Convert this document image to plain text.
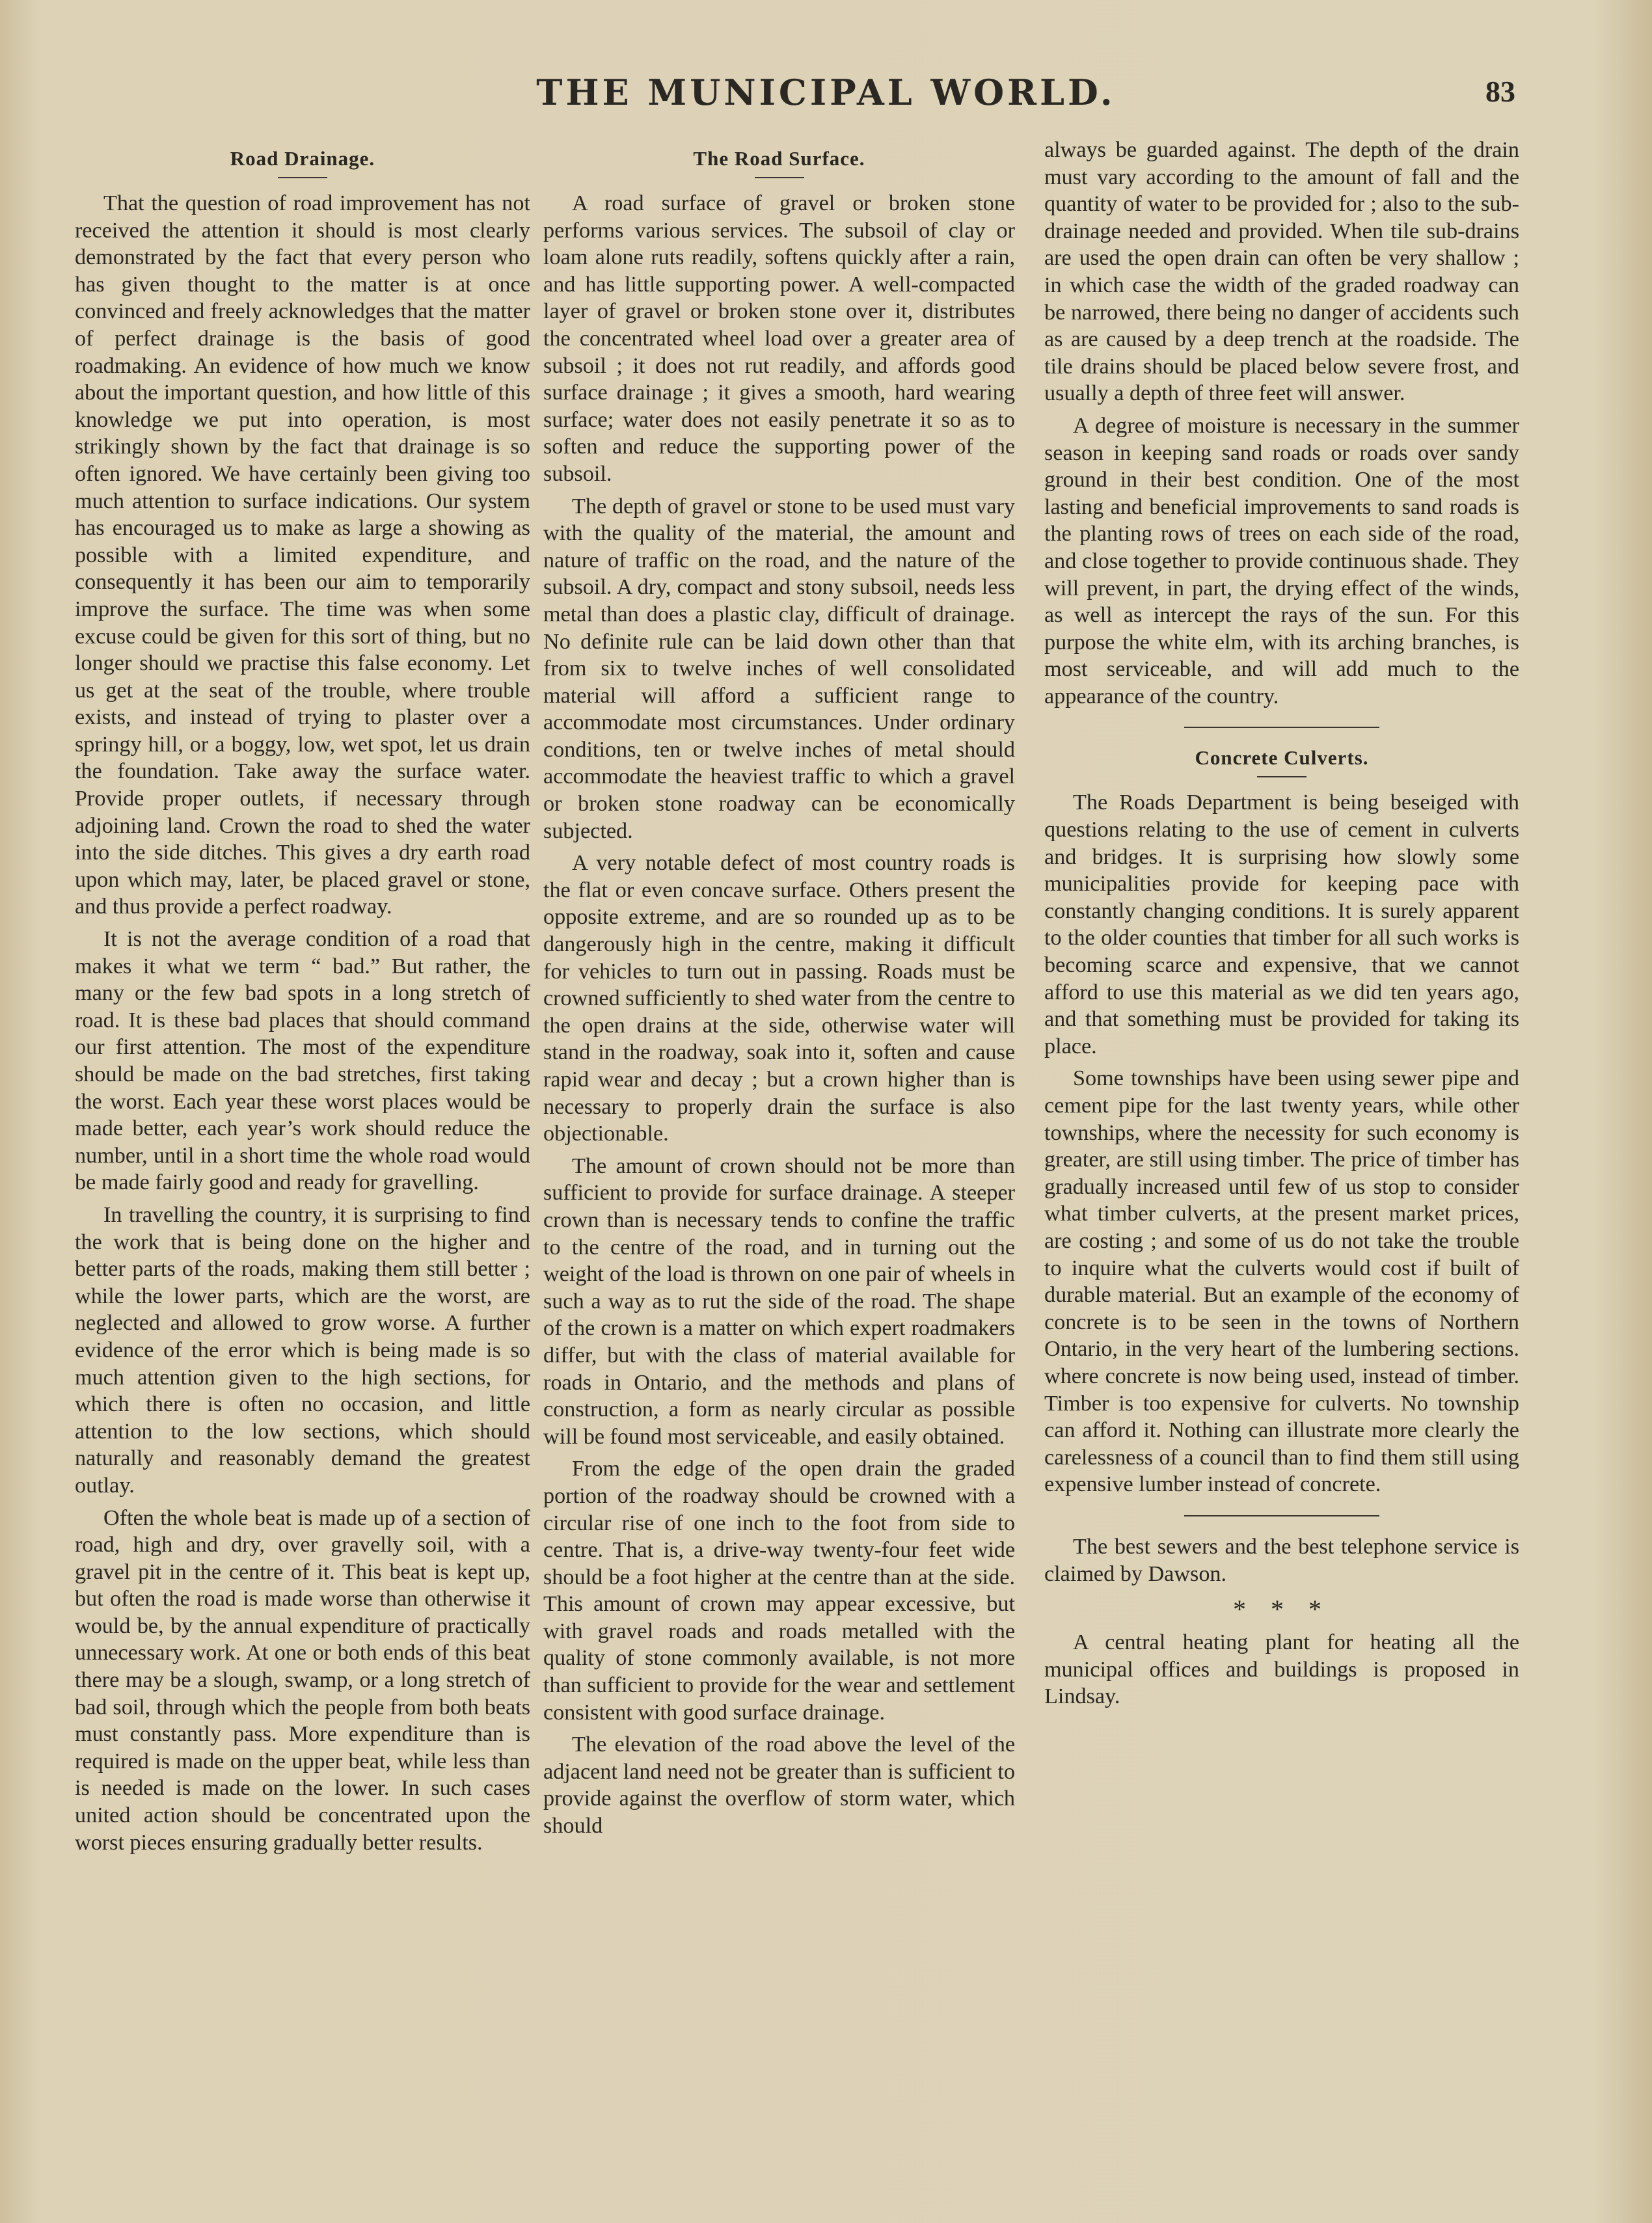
THE MUNICIPAL WORLD.	83
Road Drainage.

That the question of road improvement has not received the attention it should is most clearly demonstrated by the fact that every person who has given thought to the matter is at once convinced and freely acknowledges that the matter of perfect drainage is the basis of good roadmaking. An evidence of how much we know about the important question, and how little of this knowledge we put into operation, is most strikingly shown by the fact that drainage is so often ignored. We have certainly been giving too much attention to surface indications. Our system has encouraged us to make as large a showing as possible with a limited expenditure, and consequently it has been our aim to temporarily improve the surface. The time was when some excuse could be given for this sort of thing, but no longer should we practise this false economy. Let us get at the seat of the trouble, where trouble exists, and instead of trying to plaster over a springy hill, or a boggy, low, wet spot, let us drain the foundation. Take away the surface water. Provide proper outlets, if necessary through adjoining land. Crown the road to shed the water into the side ditches. This gives a dry earth road upon which may, later, be placed gravel or stone, and thus provide a perfect roadway.

It is not the average condition of a road that makes it what we term “ bad.” But rather, the many or the few bad spots in a long stretch of road. It is these bad places that should command our first attention. The most of the expenditure should be made on the bad stretches, first taking the worst. Each year these worst places would be made better, each year’s work should reduce the number, until in a short time the whole road would be made fairly good and ready for gravelling.

In travelling the country, it is surprising to find the work that is being done on the higher and better parts of the roads, making them still better ; while the lower parts, which are the worst, are neglected and allowed to grow worse. A further evidence of the error which is being made is so much attention given to the high sections, for which there is often no occasion, and little attention to the low sections, which should naturally and reasonably demand the greatest outlay.

Often the whole beat is made up of a section of road, high and dry, over gravelly soil, with a gravel pit in the centre of it. This beat is kept up, but often the road is made worse than otherwise it would be, by the annual expenditure of practically unnecessary work. At one or both ends of this beat there may be a slough, swamp, or a long stretch of bad soil, through which the people from both beats must constantly pass. More expenditure than is required is made on the upper beat, while less than is needed is made on the lower. In such cases united action should be concentrated upon the worst pieces ensuring gradually better results.

The Road Surface.

A road surface of gravel or broken stone performs various services. The subsoil of clay or loam alone ruts readily, softens quickly after a rain, and has little supporting power. A well-compacted layer of gravel or broken stone over it, distributes the concentrated wheel load over a greater area of subsoil ; it does not rut readily, and affords good surface drainage ; it gives a smooth, hard wearing surface; water does not easily penetrate it so as to soften and reduce the supporting power of the subsoil.

The depth of gravel or stone to be used must vary with the quality of the material, the amount and nature of traffic on the road, and the nature of the subsoil. A dry, compact and stony subsoil, needs less metal than does a plastic clay, difficult of drainage. No definite rule can be laid down other than that from six to twelve inches of well consolidated material will afford a sufficient range to accommodate most circumstances. Under ordinary conditions, ten or twelve inches of metal should accommodate the heaviest traffic to which a gravel or broken stone roadway can be economically subjected.

A very notable defect of most country roads is the flat or even concave surface. Others present the opposite extreme, and are so rounded up as to be dangerously high in the centre, making it difficult for vehicles to turn out in passing. Roads must be crowned sufficiently to shed water from the centre to the open drains at the side, otherwise water will stand in the roadway, soak into it, soften and cause rapid wear and decay ; but a crown higher than is necessary to properly drain the surface is also objectionable.

The amount of crown should not be more than sufficient to provide for surface drainage. A steeper crown than is necessary tends to confine the traffic to the centre of the road, and in turning out the weight of the load is thrown on one pair of wheels in such a way as to rut the side of the road. The shape of the crown is a matter on which expert roadmakers differ, but with the class of material available for roads in Ontario, and the methods and plans of construction, a form as nearly circular as possible will be found most serviceable, and easily obtained.

From the edge of the open drain the graded portion of the roadway should be crowned with a circular rise of one inch to the foot from side to centre. That is, a drive-way twenty-four feet wide should be a foot higher at the centre than at the side. This amount of crown may appear excessive, but with gravel roads and roads metalled with the quality of stone commonly available, is not more than sufficient to provide for the wear and settlement consistent with good surface drainage.

The elevation of the road above the level of the adjacent land need not be greater than is sufficient to provide against the overflow of storm water, which should

always be guarded against. The depth of the drain must vary according to the amount of fall and the quantity of water to be provided for ; also to the sub-drainage needed and provided. When tile sub-drains are used the open drain can often be very shallow ; in which case the width of the graded roadway can be narrowed, there being no danger of accidents such as are caused by a deep trench at the roadside. The tile drains should be placed below severe frost, and usually a depth of three feet will answer.

A degree of moisture is necessary in the summer season in keeping sand roads or roads over sandy ground in their best condition. One of the most lasting and beneficial improvements to sand roads is the planting rows of trees on each side of the road, and close together to provide continuous shade. They will prevent, in part, the drying effect of the winds, as well as intercept the rays of the sun. For this purpose the white elm, with its arching branches, is most serviceable, and will add much to the appearance of the country.

Concrete Culverts.

The Roads Department is being beseiged with questions relating to the use of cement in culverts and bridges. It is surprising how slowly some municipalities provide for keeping pace with constantly changing conditions. It is surely apparent to the older counties that timber for all such works is becoming scarce and expensive, that we cannot afford to use this material as we did ten years ago, and that something must be provided for taking its place.

Some townships have been using sewer pipe and cement pipe for the last twenty years, while other townships, where the necessity for such economy is greater, are still using timber. The price of timber has gradually increased until few of us stop to consider what timber culverts, at the present market prices, are costing ; and some of us do not take the trouble to inquire what the culverts would cost if built of durable material. But an example of the economy of concrete is to be seen in the towns of Northern Ontario, in the very heart of the lumbering sections. where concrete is now being used, instead of timber. Timber is too expensive for culverts. No township can afford it. Nothing can illustrate more clearly the carelessness of a council than to find them still using expensive lumber instead of concrete.

The best sewers and the best telephone service is claimed by Dawson.

* * *

A central heating plant for heating all the municipal offices and buildings is proposed in Lindsay.
